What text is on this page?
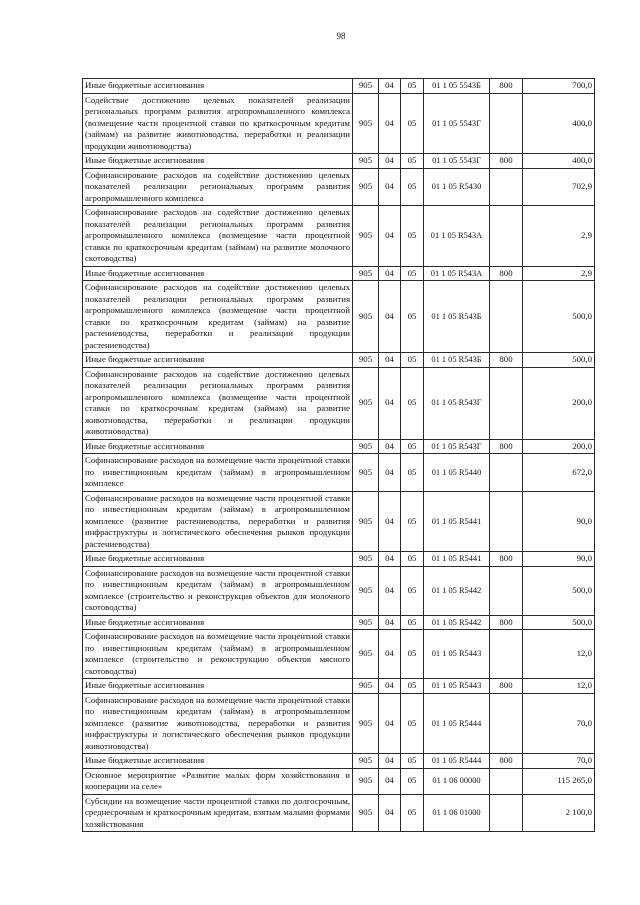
98
Иные бюджетные ассигнования	905	04	05	01 1 05 5543Б	800	700,0
Содействие достижению целевых показателей реализации региональных программ развития агропромышленного комплекса (возмещение части процентной ставки по краткосрочным кредитам (займам) на развитие животноводства, переработки и реализации продукции животноводства)	905	04	05	01 1 05 5543Г		400,0
Иные бюджетные ассигнования	905	04	05	01 1 05 5543Г	800	400,0
Софинансирование расходов на содействие достижению целевых показателей реализации региональных программ развития агропромышленного комплекса	905	04	05	01 1 05 R5430		702,9
Софинансирование расходов на содействие достижению целевых показателей реализации региональных программ развития агропромышленного комплекса (возмещение части процентной ставки по краткосрочным кредитам (займам) на развитие молочного скотоводства)	905	04	05	01 1 05 R543А		2,9
Иные бюджетные ассигнования	905	04	05	01 1 05 R543А	800	2,9
Софинансирование расходов на содействие достижению целевых показателей реализации региональных программ развития агропромышленного комплекса (возмещение части процентной ставки по краткосрочным кредитам (займам) на развитие растениеводства, переработки и реализации продукции растениеводства)	905	04	05	01 1 05 R543Б		500,0
Иные бюджетные ассигнования	905	04	05	01 1 05 R543Б	800	500,0
Софинансирование расходов на содействие достижению целевых показателей реализации региональных программ развития агропромышленного комплекса (возмещение части процентной ставки по краткосрочным кредитам (займам) на развитие животноводства, переработки и реализации продукции животноводства)	905	04	05	01 1 05 R543Г		200,0
Иные бюджетные ассигнования	905	04	05	01 1 05 R543Г	800	200,0
Софинансирование расходов на возмещение части процентной ставки по инвестиционным кредитам (займам) в агропромышленном комплексе	905	04	05	01 1 05 R5440		672,0
Софинансирование расходов на возмещение части процентной ставки по инвестиционным кредитам (займам) в агропромышленном комплексе (развитие растениеводства, переработки и развития инфраструктуры и логистического обеспечения рынков продукции растениеводства)	905	04	05	01 1 05 R5441		90,0
Иные бюджетные ассигнования	905	04	05	01 1 05 R5441	800	90,0
Софинансирование расходов на возмещение части процентной ставки по инвестиционным кредитам (займам) в агропромышленном комплексе (строительство и реконструкция объектов для молочного скотоводства)	905	04	05	01 1 05 R5442		500,0
Иные бюджетные ассигнования	905	04	05	01 1 05 R5442	800	500,0
Софинансирование расходов на возмещение части процентной ставки по инвестиционным кредитам (займам) в агропромышленном комплексе (строительство и реконструкцию объектов мясного скотоводства)	905	04	05	01 1 05 R5443		12,0
Иные бюджетные ассигнования	905	04	05	01 1 05 R5443	800	12,0
Софинансирование расходов на возмещение части процентной ставки по инвестиционным кредитам (займам) в агропромышленном комплексе (развитие животноводства, переработки и развития инфраструктуры и логистического обеспечения рынков продукции животноводства)	905	04	05	01 1 05 R5444		70,0
Иные бюджетные ассигнования	905	04	05	01 1 05 R5444	800	70,0
Основное мероприятие «Развитие малых форм хозяйствования и кооперации на селе»	905	04	05	01 1 06 00000		115 265,0
Субсидии на возмещение части процентной ставки по долгосрочным, среднесрочным и краткосрочным кредитам, взятым малыми формами хозяйствования	905	04	05	01 1 06 01000		2 100,0
